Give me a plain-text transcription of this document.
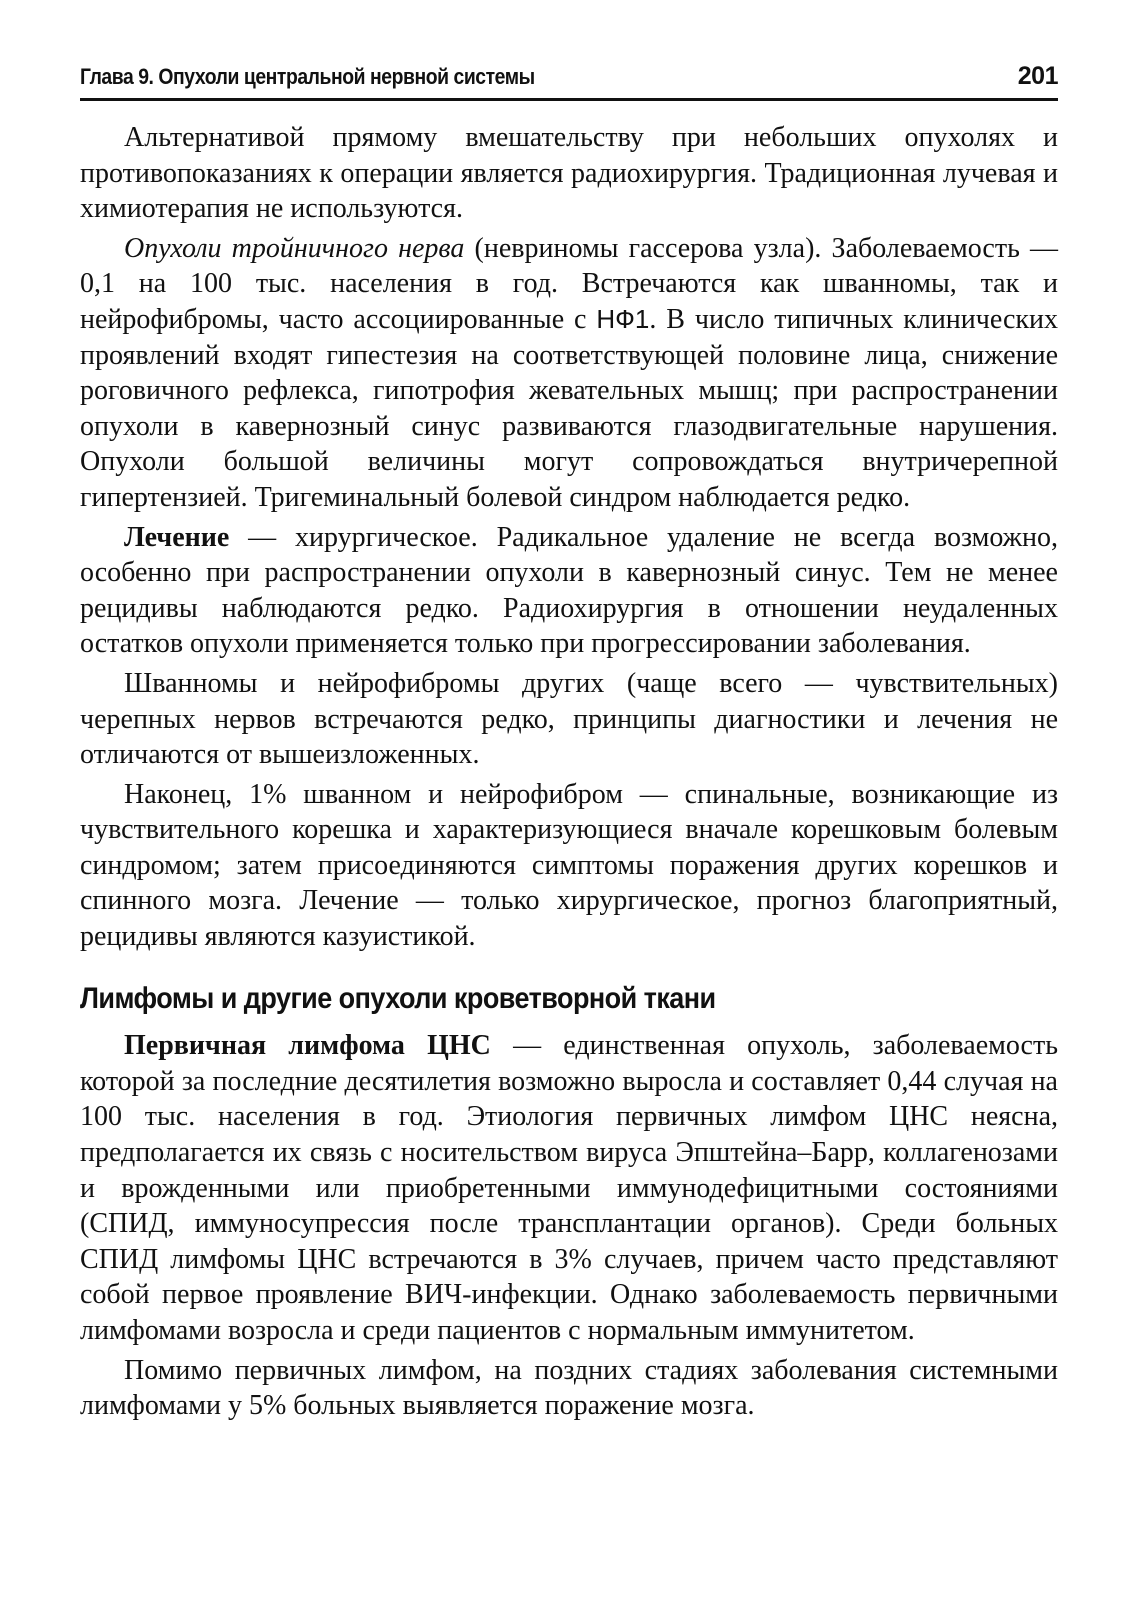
Глава 9. Опухоли центральной нервной системы	201

Альтернативой прямому вмешательству при небольших опухолях и противопоказаниях к операции является радиохирургия. Традиционная лучевая и химиотерапия не используются.

Опухоли тройничного нерва (невриномы гассерова узла). Заболеваемость — 0,1 на 100 тыс. населения в год. Встречаются как шванномы, так и нейрофибромы, часто ассоциированные с НФ1. В число типичных клинических проявлений входят гипестезия на соответствующей половине лица, снижение роговичного рефлекса, гипотрофия жевательных мышц; при распространении опухоли в кавернозный синус развиваются глазодвигательные нарушения. Опухоли большой величины могут сопровождаться внутричерепной гипертензией. Тригеминальный болевой синдром наблюдается редко.

Лечение — хирургическое. Радикальное удаление не всегда возможно, особенно при распространении опухоли в кавернозный синус. Тем не менее рецидивы наблюдаются редко. Радиохирургия в отношении неудаленных остатков опухоли применяется только при прогрессировании заболевания.

Шванномы и нейрофибромы других (чаще всего — чувствительных) черепных нервов встречаются редко, принципы диагностики и лечения не отличаются от вышеизложенных.

Наконец, 1% шванном и нейрофибром — спинальные, возникающие из чувствительного корешка и характеризующиеся вначале корешковым болевым синдромом; затем присоединяются симптомы поражения других корешков и спинного мозга. Лечение — только хирургическое, прогноз благоприятный, рецидивы являются казуистикой.

Лимфомы и другие опухоли кроветворной ткани

Первичная лимфома ЦНС — единственная опухоль, заболеваемость которой за последние десятилетия возможно выросла и составляет 0,44 случая на 100 тыс. населения в год. Этиология первичных лимфом ЦНС неясна, предполагается их связь с носительством вируса Эпштейна–Барр, коллагенозами и врожденными или приобретенными иммунодефицитными состояниями (СПИД, иммуносупрессия после трансплантации органов). Среди больных СПИД лимфомы ЦНС встречаются в 3% случаев, причем часто представляют собой первое проявление ВИЧ-инфекции. Однако заболеваемость первичными лимфомами возросла и среди пациентов с нормальным иммунитетом.

Помимо первичных лимфом, на поздних стадиях заболевания системными лимфомами у 5% больных выявляется поражение мозга.
